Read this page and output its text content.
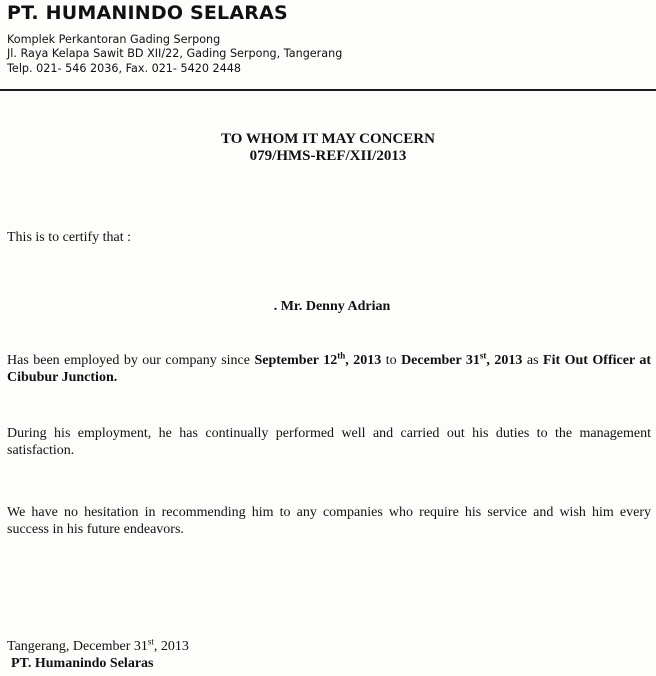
PT. HUMANINDO SELARAS
Komplek Perkantoran Gading Serpong
Jl. Raya Kelapa Sawit BD XII/22, Gading Serpong, Tangerang
Telp. 021- 546 2036, Fax. 021- 5420 2448
TO WHOM IT MAY CONCERN
079/HMS-REF/XII/2013
This is to certify that :
. Mr. Denny Adrian
Has been employed by our company since September 12th, 2013 to December 31st, 2013 as Fit Out Officer at Cibubur Junction.
During his employment, he has continually performed well and carried out his duties to the management satisfaction.
We have no hesitation in recommending him to any companies who require his service and wish him every success in his future endeavors.
Tangerang, December 31st, 2013
PT. Humanindo Selaras
